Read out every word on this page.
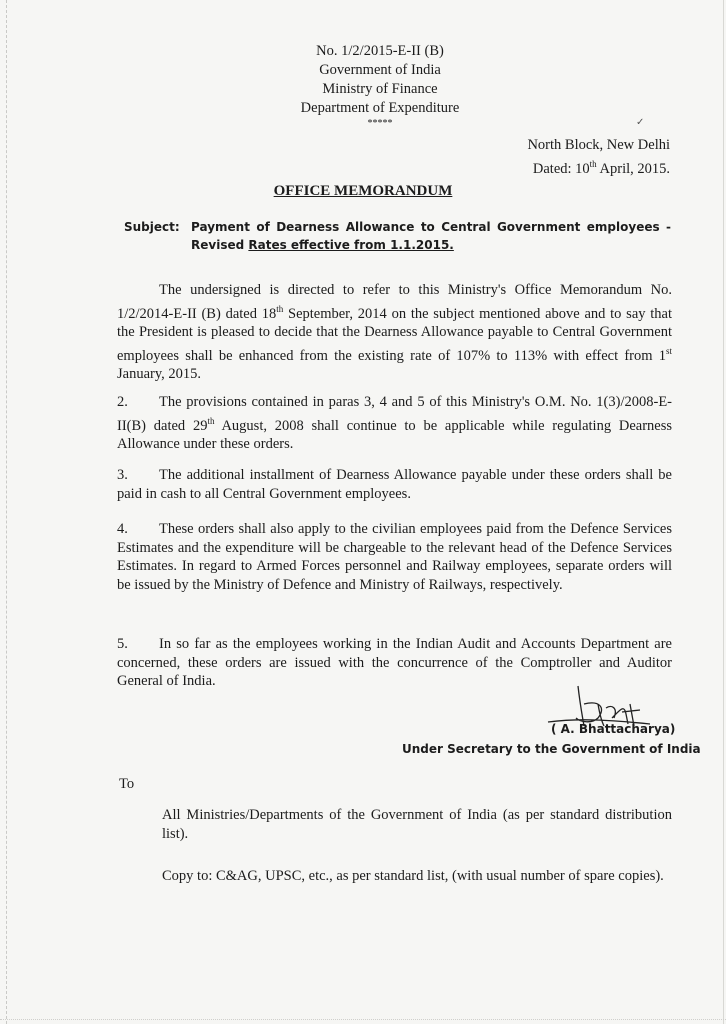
No. 1/2/2015-E-II (B)
Government of India
Ministry of Finance
Department of Expenditure
*****	✓
North Block, New Delhi
Dated: 10th April, 2015.
OFFICE MEMORANDUM
Subject: Payment of Dearness Allowance to Central Government employees - Revised Rates effective from 1.1.2015.
The undersigned is directed to refer to this Ministry's Office Memorandum No. 1/2/2014-E-II (B) dated 18th September, 2014 on the subject mentioned above and to say that the President is pleased to decide that the Dearness Allowance payable to Central Government employees shall be enhanced from the existing rate of 107% to 113% with effect from 1st January, 2015.
2. The provisions contained in paras 3, 4 and 5 of this Ministry's O.M. No. 1(3)/2008-E-II(B) dated 29th August, 2008 shall continue to be applicable while regulating Dearness Allowance under these orders.
3. The additional installment of Dearness Allowance payable under these orders shall be paid in cash to all Central Government employees.
4. These orders shall also apply to the civilian employees paid from the Defence Services Estimates and the expenditure will be chargeable to the relevant head of the Defence Services Estimates. In regard to Armed Forces personnel and Railway employees, separate orders will be issued by the Ministry of Defence and Ministry of Railways, respectively.
5. In so far as the employees working in the Indian Audit and Accounts Department are concerned, these orders are issued with the concurrence of the Comptroller and Auditor General of India.
( A. Bhattacharya)
Under Secretary to the Government of India
To
All Ministries/Departments of the Government of India (as per standard distribution list).
Copy to: C&AG, UPSC, etc., as per standard list, (with usual number of spare copies).
